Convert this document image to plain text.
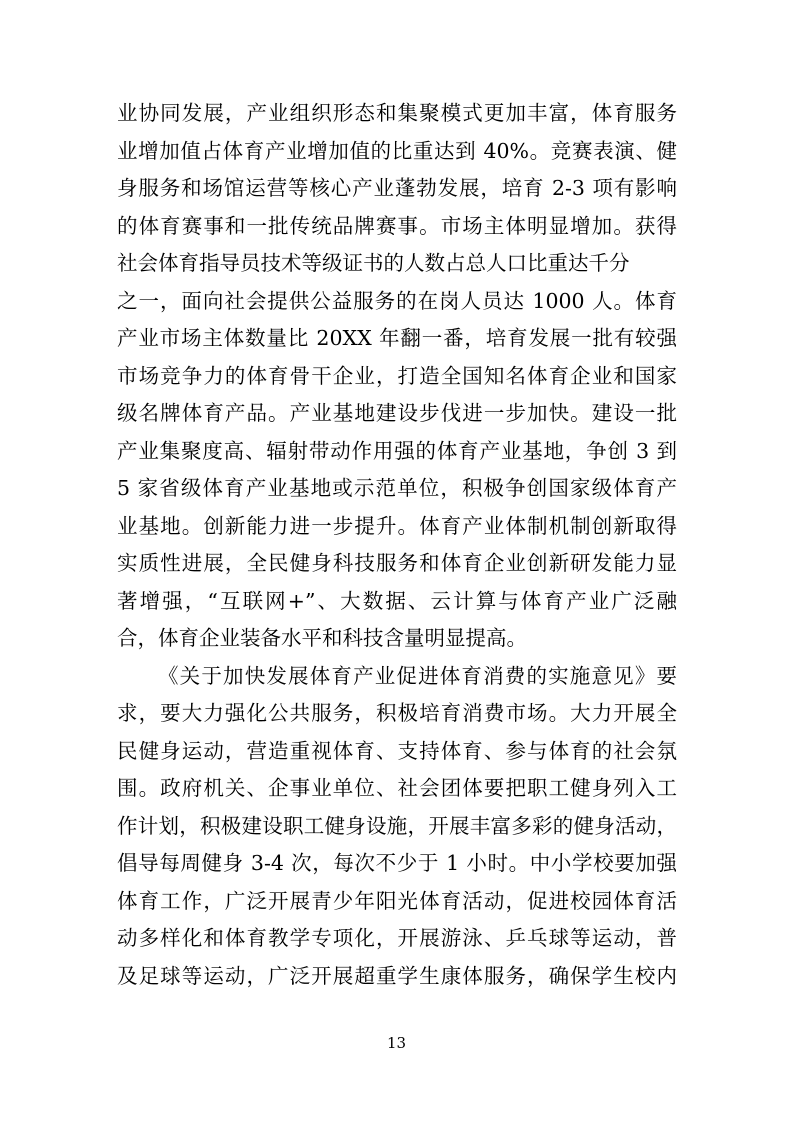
业协同发展，产业组织形态和集聚模式更加丰富，体育服务
业增加值占体育产业增加值的比重达到 40%。竞赛表演、健
身服务和场馆运营等核心产业蓬勃发展，培育 2-3 项有影响
的体育赛事和一批传统品牌赛事。市场主体明显增加。获得
社会体育指导员技术等级证书的人数占总人口比重达千分
之一，面向社会提供公益服务的在岗人员达 1000 人。体育
产业市场主体数量比 20XX 年翻一番，培育发展一批有较强
市场竞争力的体育骨干企业，打造全国知名体育企业和国家
级名牌体育产品。产业基地建设步伐进一步加快。建设一批
产业集聚度高、辐射带动作用强的体育产业基地，争创 3 到
5 家省级体育产业基地或示范单位，积极争创国家级体育产
业基地。创新能力进一步提升。体育产业体制机制创新取得
实质性进展，全民健身科技服务和体育企业创新研发能力显
著增强，“互联网+”、大数据、云计算与体育产业广泛融
合，体育企业装备水平和科技含量明显提高。
《关于加快发展体育产业促进体育消费的实施意见》要
求，要大力强化公共服务，积极培育消费市场。大力开展全
民健身运动，营造重视体育、支持体育、参与体育的社会氛
围。政府机关、企事业单位、社会团体要把职工健身列入工
作计划，积极建设职工健身设施，开展丰富多彩的健身活动，
倡导每周健身 3-4 次，每次不少于 1 小时。中小学校要加强
体育工作，广泛开展青少年阳光体育活动，促进校园体育活
动多样化和体育教学专项化，开展游泳、乒乓球等运动，普
及足球等运动，广泛开展超重学生康体服务，确保学生校内
13
